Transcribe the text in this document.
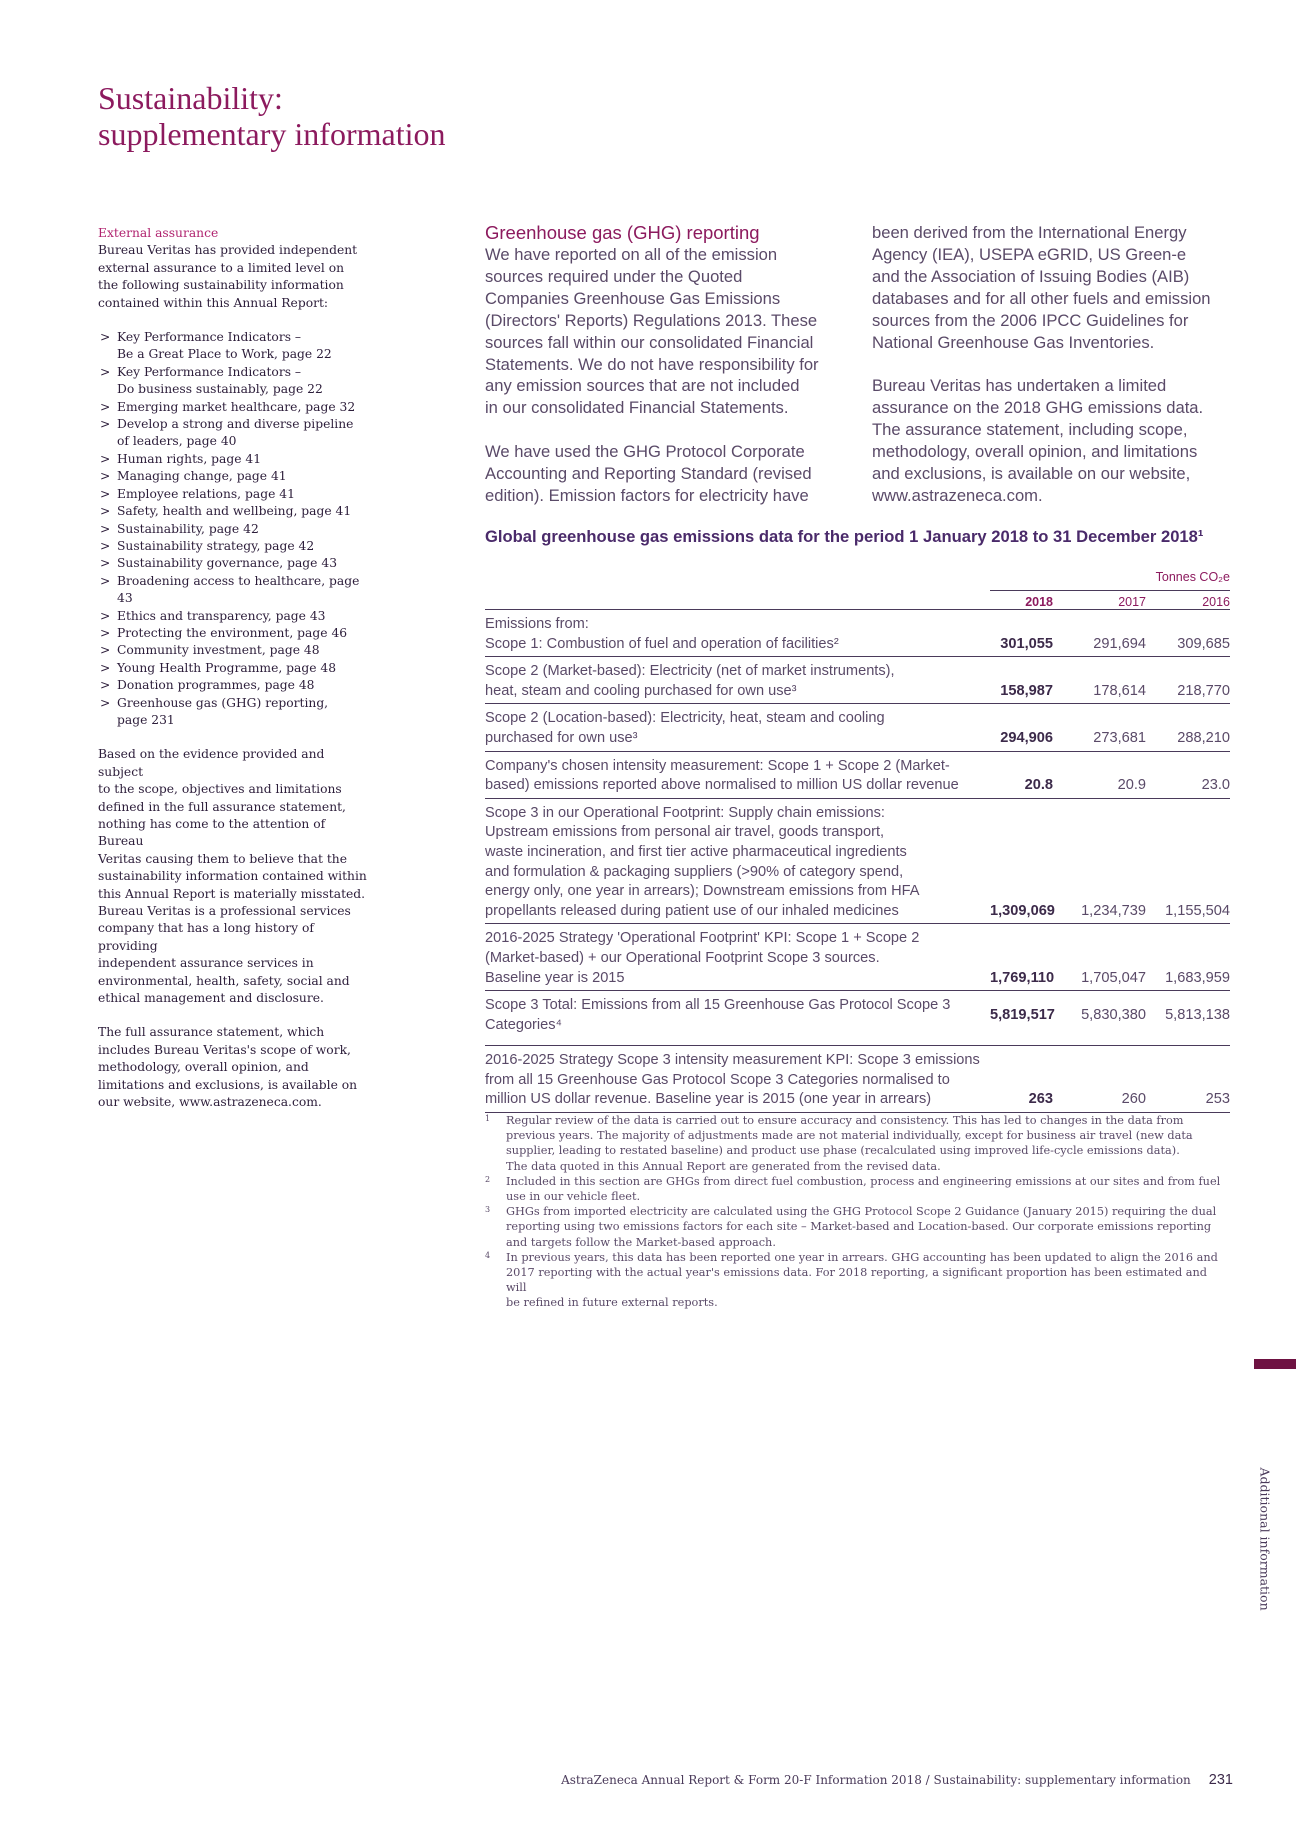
Sustainability:
supplementary information

External assurance

Bureau Veritas has provided independent
external assurance to a limited level on
the following sustainability information
contained within this Annual Report:
> Key Performance Indicators –
Be a Great Place to Work, page 22
> Key Performance Indicators –
Do business sustainably, page 22
> Emerging market healthcare, page 32
> Develop a strong and diverse pipeline
of leaders, page 40
> Human rights, page 41
> Managing change, page 41
> Employee relations, page 41
> Safety, health and wellbeing, page 41
> Sustainability, page 42
> Sustainability strategy, page 42
> Sustainability governance, page 43
> Broadening access to healthcare, page 43
> Ethics and transparency, page 43
> Protecting the environment, page 46
> Community investment, page 48
> Young Health Programme, page 48
> Donation programmes, page 48
> Greenhouse gas (GHG) reporting,
page 231
Based on the evidence provided and subject
to the scope, objectives and limitations
defined in the full assurance statement,
nothing has come to the attention of Bureau
Veritas causing them to believe that the
sustainability information contained within
this Annual Report is materially misstated.
Bureau Veritas is a professional services
company that has a long history of providing
independent assurance services in
environmental, health, safety, social and
ethical management and disclosure.
The full assurance statement, which
includes Bureau Veritas's scope of work,
methodology, overall opinion, and
limitations and exclusions, is available on
our website, www.astrazeneca.com.

Greenhouse gas (GHG) reporting

We have reported on all of the emission
sources required under the Quoted
Companies Greenhouse Gas Emissions
(Directors' Reports) Regulations 2013. These
sources fall within our consolidated Financial
Statements. We do not have responsibility for
any emission sources that are not included
in our consolidated Financial Statements.
We have used the GHG Protocol Corporate
Accounting and Reporting Standard (revised
edition). Emission factors for electricity have
been derived from the International Energy
Agency (IEA), USEPA eGRID, US Green-e
and the Association of Issuing Bodies (AIB)
databases and for all other fuels and emission
sources from the 2006 IPCC Guidelines for
National Greenhouse Gas Inventories.
Bureau Veritas has undertaken a limited
assurance on the 2018 GHG emissions data.
The assurance statement, including scope,
methodology, overall opinion, and limitations
and exclusions, is available on our website,
www.astrazeneca.com.
Global greenhouse gas emissions data for the period 1 January 2018 to 31 December 2018¹
Tonnes CO₂e
2018	2017	2016
Emissions from:
Scope 1: Combustion of fuel and operation of facilities²	301,055	291,694	309,685
Scope 2 (Market-based): Electricity (net of market instruments),
heat, steam and cooling purchased for own use³	158,987	178,614	218,770
Scope 2 (Location-based): Electricity, heat, steam and cooling
purchased for own use³	294,906	273,681	288,210
Company's chosen intensity measurement: Scope 1 + Scope 2 (Market-
based) emissions reported above normalised to million US dollar revenue	20.8	20.9	23.0
Scope 3 in our Operational Footprint: Supply chain emissions:
Upstream emissions from personal air travel, goods transport,
waste incineration, and first tier active pharmaceutical ingredients
and formulation & packaging suppliers (>90% of category spend,
energy only, one year in arrears); Downstream emissions from HFA
propellants released during patient use of our inhaled medicines	1,309,069	1,234,739	1,155,504
2016-2025 Strategy 'Operational Footprint' KPI: Scope 1 + Scope 2
(Market-based) + our Operational Footprint Scope 3 sources.
Baseline year is 2015	1,769,110	1,705,047	1,683,959
Scope 3 Total: Emissions from all 15 Greenhouse Gas Protocol Scope 3
Categories⁴
5,819,517	5,830,380	5,813,138
2016-2025 Strategy Scope 3 intensity measurement KPI: Scope 3 emissions
from all 15 Greenhouse Gas Protocol Scope 3 Categories normalised to
million US dollar revenue. Baseline year is 2015 (one year in arrears)	263	260	253
1 Regular review of the data is carried out to ensure accuracy and consistency. This has led to changes in the data from

previous years. The majority of adjustments made are not material individually, except for business air travel (new data

supplier, leading to restated baseline) and product use phase (recalculated using improved life-cycle emissions data).

The data quoted in this Annual Report are generated from the revised data.

2 Included in this section are GHGs from direct fuel combustion, process and engineering emissions at our sites and from fuel

use in our vehicle fleet.

3 GHGs from imported electricity are calculated using the GHG Protocol Scope 2 Guidance (January 2015) requiring the dual

reporting using two emissions factors for each site – Market-based and Location-based. Our corporate emissions reporting

and targets follow the Market-based approach.

4 In previous years, this data has been reported one year in arrears. GHG accounting has been updated to align the 2016 and

2017 reporting with the actual year's emissions data. For 2018 reporting, a significant proportion has been estimated and will

be refined in future external reports.

Additional information
AstraZeneca Annual Report & Form 20-F Information 2018 / Sustainability: supplementary information 231
